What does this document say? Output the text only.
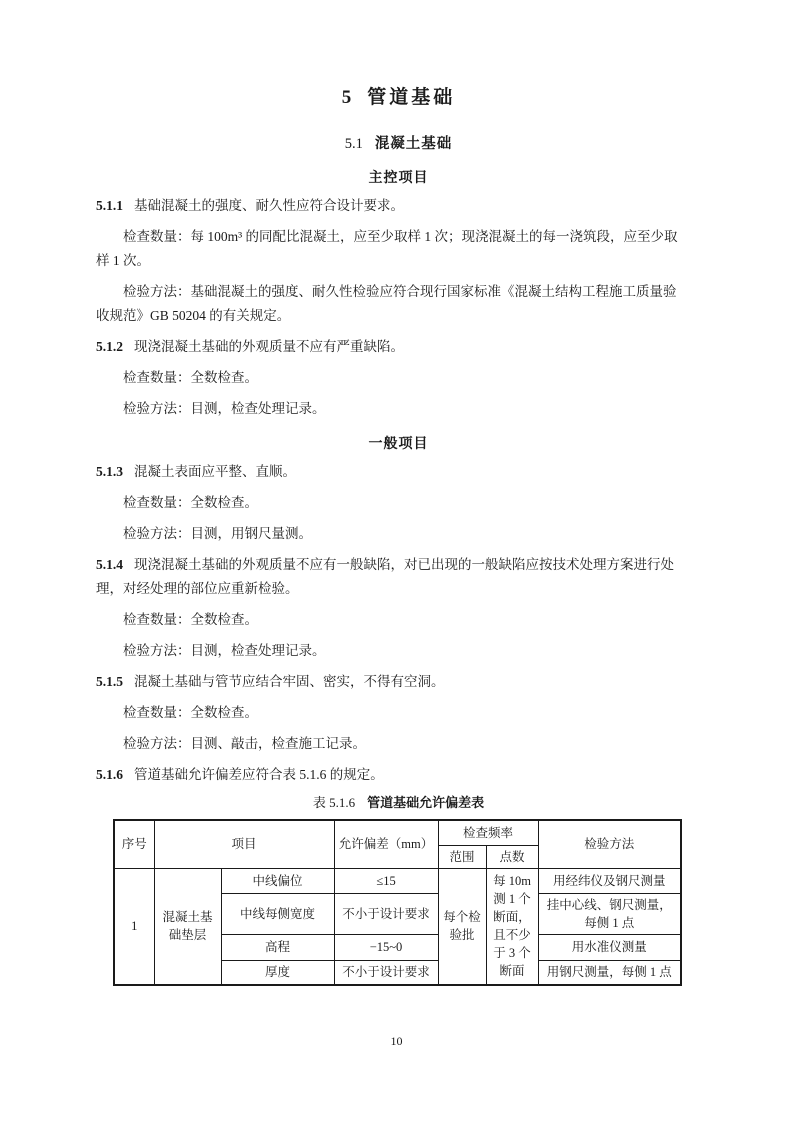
5 管道基础
5.1 混凝土基础
主控项目
5.1.1 基础混凝土的强度、耐久性应符合设计要求。
检查数量：每 100m³ 的同配比混凝土，应至少取样 1 次；现浇混凝土的每一浇筑段，应至少取
样 1 次。
检验方法：基础混凝土的强度、耐久性检验应符合现行国家标准《混凝土结构工程施工质量验
收规范》GB 50204 的有关规定。
5.1.2 现浇混凝土基础的外观质量不应有严重缺陷。
检查数量：全数检查。
检验方法：目测，检查处理记录。
一般项目
5.1.3 混凝土表面应平整、直顺。
检查数量：全数检查。
检验方法：目测，用钢尺量测。
5.1.4 现浇混凝土基础的外观质量不应有一般缺陷，对已出现的一般缺陷应按技术处理方案进行处
理，对经处理的部位应重新检验。
检查数量：全数检查。
检验方法：目测，检查处理记录。
5.1.5 混凝土基础与管节应结合牢固、密实，不得有空洞。
检查数量：全数检查。
检验方法：目测、敲击，检查施工记录。
5.1.6 管道基础允许偏差应符合表 5.1.6 的规定。
表 5.1.6 管道基础允许偏差表
序号	项目		允许偏差（mm）	检查频率		检验方法
				范围	点数	
1	混凝土基础垫层	中线偏位	≤15	每个检验批	每 10m 测 1 个断面，且不少于 3 个断面	用经纬仪及钢尺测量
		中线每侧宽度	不小于设计要求			挂中心线、钢尺测量，每侧 1 点
		高程	−15~0			用水准仪测量
		厚度	不小于设计要求			用钢尺测量，每侧 1 点
10
